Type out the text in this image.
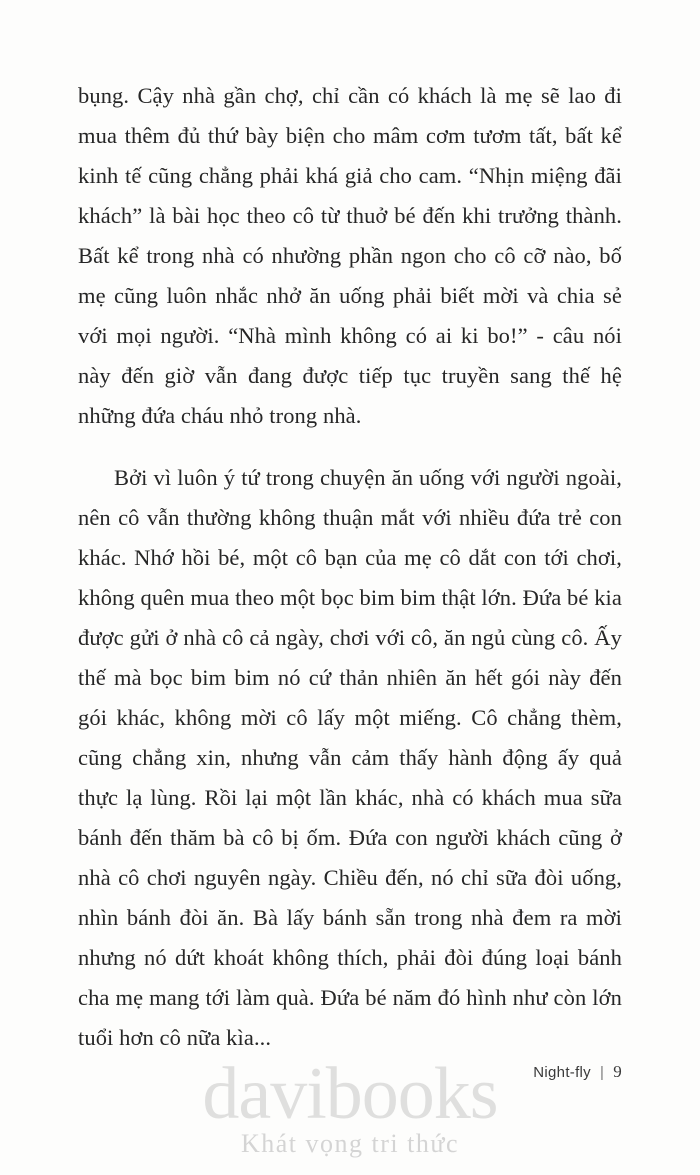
bụng. Cậy nhà gần chợ, chỉ cần có khách là mẹ sẽ lao đi mua thêm đủ thứ bày biện cho mâm cơm tươm tất, bất kể kinh tế cũng chẳng phải khá giả cho cam. “Nhịn miệng đãi khách” là bài học theo cô từ thuở bé đến khi trưởng thành. Bất kể trong nhà có nhường phần ngon cho cô cỡ nào, bố mẹ cũng luôn nhắc nhở ăn uống phải biết mời và chia sẻ với mọi người. “Nhà mình không có ai ki bo!” - câu nói này đến giờ vẫn đang được tiếp tục truyền sang thế hệ những đứa cháu nhỏ trong nhà.

Bởi vì luôn ý tứ trong chuyện ăn uống với người ngoài, nên cô vẫn thường không thuận mắt với nhiều đứa trẻ con khác. Nhớ hồi bé, một cô bạn của mẹ cô dắt con tới chơi, không quên mua theo một bọc bim bim thật lớn. Đứa bé kia được gửi ở nhà cô cả ngày, chơi với cô, ăn ngủ cùng cô. Ấy thế mà bọc bim bim nó cứ thản nhiên ăn hết gói này đến gói khác, không mời cô lấy một miếng. Cô chẳng thèm, cũng chẳng xin, nhưng vẫn cảm thấy hành động ấy quả thực lạ lùng. Rồi lại một lần khác, nhà có khách mua sữa bánh đến thăm bà cô bị ốm. Đứa con người khách cũng ở nhà cô chơi nguyên ngày. Chiều đến, nó chỉ sữa đòi uống, nhìn bánh đòi ăn. Bà lấy bánh sẵn trong nhà đem ra mời nhưng nó dứt khoát không thích, phải đòi đúng loại bánh cha mẹ mang tới làm quà. Đứa bé năm đó hình như còn lớn tuổi hơn cô nữa kìa...

Night-fly | 9
davibooks
Khát vọng tri thức
